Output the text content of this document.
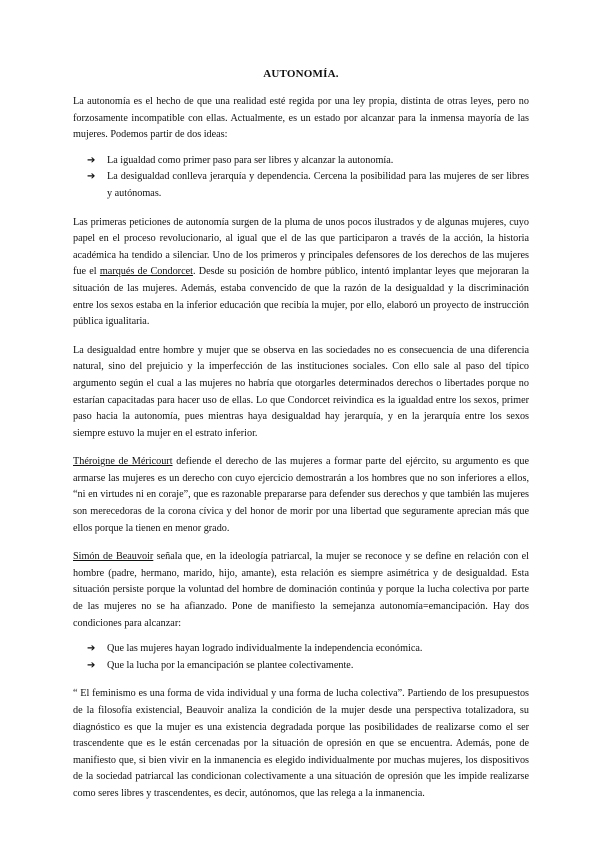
AUTONOMÍA.

La autonomía es el hecho de que una realidad esté regida por una ley propia, distinta de otras leyes, pero no forzosamente incompatible con ellas. Actualmente, es un estado por alcanzar para la inmensa mayoría de las mujeres. Podemos partir de dos ideas:

➔ La igualdad como primer paso para ser libres y alcanzar la autonomía.
➔ La desigualdad conlleva jerarquía y dependencia. Cercena la posibilidad para las mujeres de ser libres y autónomas.

Las primeras peticiones de autonomía surgen de la pluma de unos pocos ilustrados y de algunas mujeres, cuyo papel en el proceso revolucionario, al igual que el de las que participaron a través de la acción, la historia académica ha tendido a silenciar. Uno de los primeros y principales defensores de los derechos de las mujeres fue el marqués de Condorcet. Desde su posición de hombre público, intentó implantar leyes que mejoraran la situación de las mujeres. Además, estaba convencido de que la razón de la desigualdad y la discriminación entre los sexos estaba en la inferior educación que recibía la mujer, por ello, elaboró un proyecto de instrucción pública igualitaria.

La desigualdad entre hombre y mujer que se observa en las sociedades no es consecuencia de una diferencia natural, sino del prejuicio y la imperfección de las instituciones sociales. Con ello sale al paso del típico argumento según el cual a las mujeres no habría que otorgarles determinados derechos o libertades porque no estarían capacitadas para hacer uso de ellas. Lo que Condorcet reivindica es la igualdad entre los sexos, primer paso hacia la autonomía, pues mientras haya desigualdad hay jerarquía, y en la jerarquía entre los sexos siempre estuvo la mujer en el estrato inferior.

Théroigne de Méricourt defiende el derecho de las mujeres a formar parte del ejército, su argumento es que armarse las mujeres es un derecho con cuyo ejercicio demostrarán a los hombres que no son inferiores a ellos, “ni en virtudes ni en coraje”, que es razonable prepararse para defender sus derechos y que también las mujeres son merecedoras de la corona cívica y del honor de morir por una libertad que seguramente aprecian más que ellos porque la tienen en menor grado.

Simón de Beauvoir señala que, en la ideología patriarcal, la mujer se reconoce y se define en relación con el hombre (padre, hermano, marido, hijo, amante), esta relación es siempre asimétrica y de desigualdad. Esta situación persiste porque la voluntad del hombre de dominación continúa y porque la lucha colectiva por parte de las mujeres no se ha afianzado. Pone de manifiesto la semejanza autonomía=emancipación. Hay dos condiciones para alcanzar:

➔ Que las mujeres hayan logrado individualmente la independencia económica.
➔ Que la lucha por la emancipación se plantee colectivamente.

“ El feminismo es una forma de vida individual y una forma de lucha colectiva”. Partiendo de los presupuestos de la filosofía existencial, Beauvoir analiza la condición de la mujer desde una perspectiva totalizadora, su diagnóstico es que la mujer es una existencia degradada porque las posibilidades de realizarse como el ser trascendente que es le están cercenadas por la situación de opresión en que se encuentra. Además, pone de manifiesto que, si bien vivir en la inmanencia es elegido individualmente por muchas mujeres, los dispositivos de la sociedad patriarcal las condicionan colectivamente a una situación de opresión que les impide realizarse como seres libres y trascendentes, es decir, autónomos, que las relega a la inmanencia.
